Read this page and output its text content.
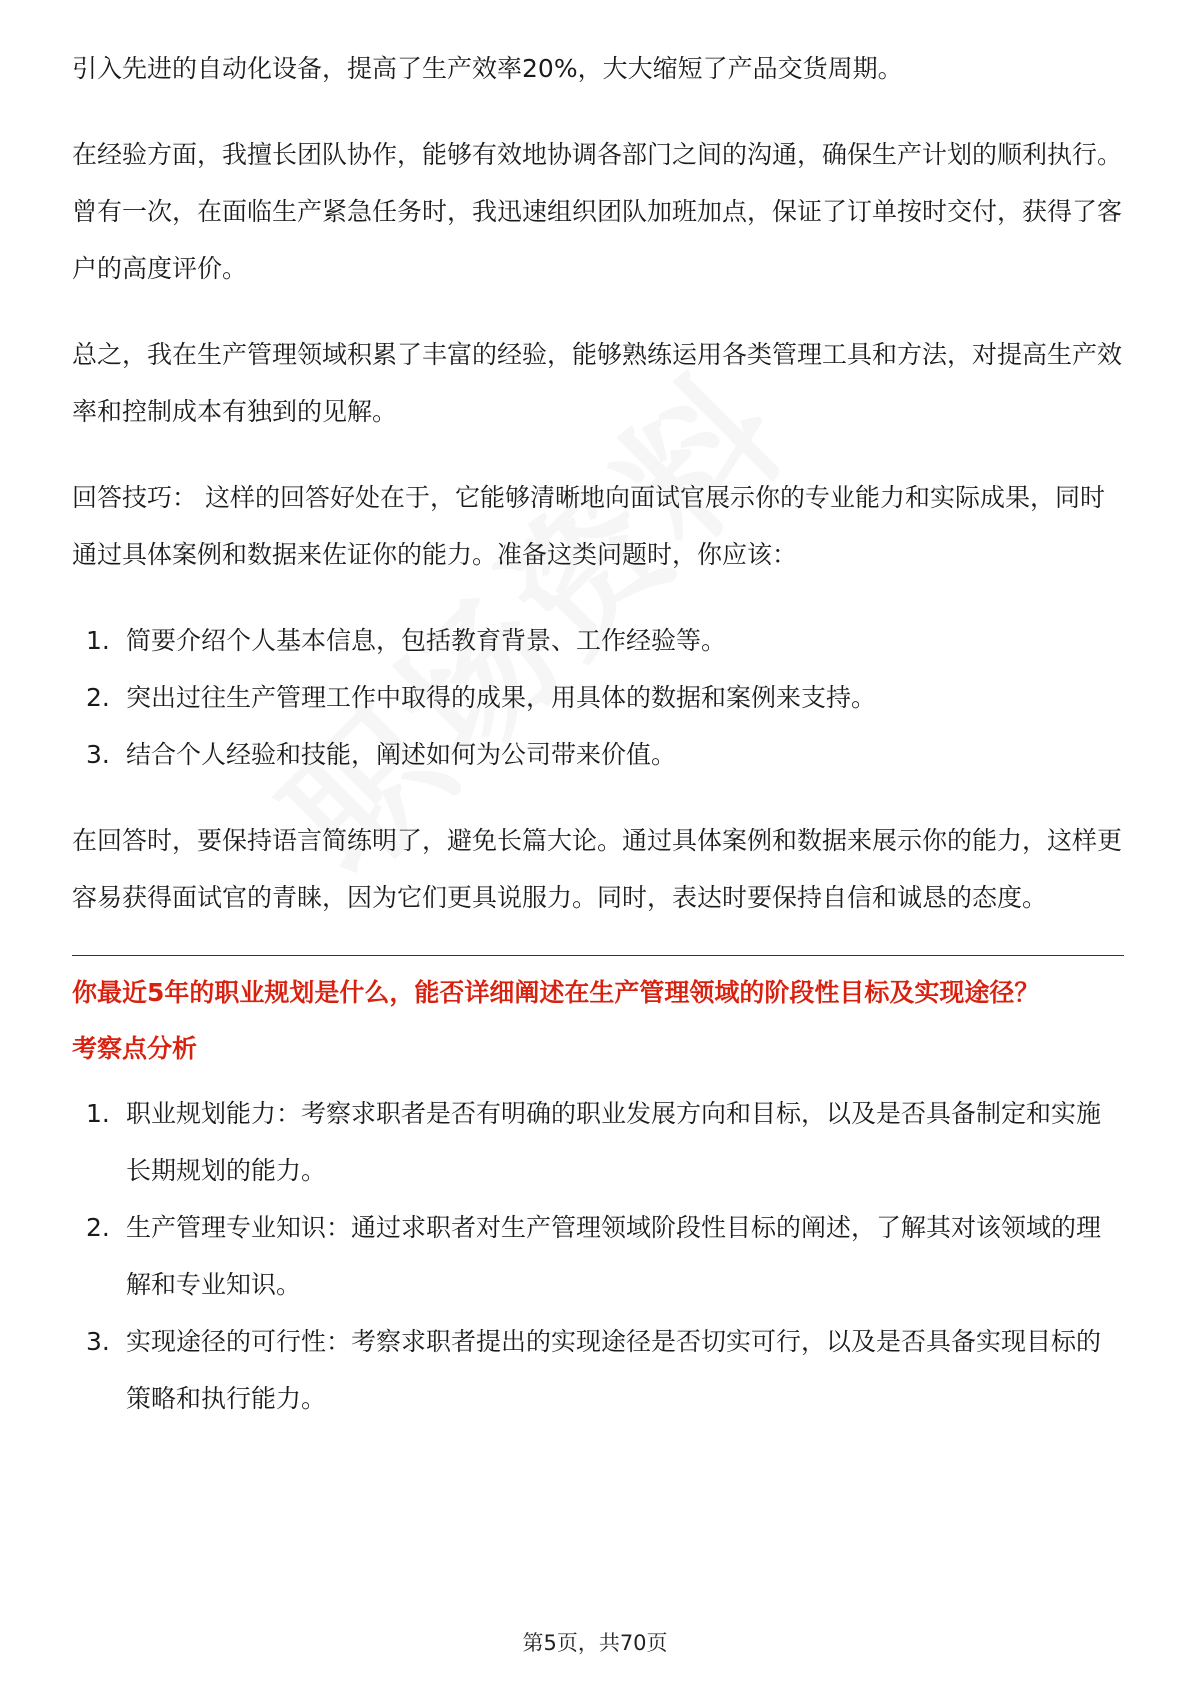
引入先进的自动化设备，提高了生产效率20%，大大缩短了产品交货周期。

在经验方面，我擅长团队协作，能够有效地协调各部门之间的沟通，确保生产计划的顺利执行。曾有一次，在面临生产紧急任务时，我迅速组织团队加班加点，保证了订单按时交付，获得了客户的高度评价。

总之，我在生产管理领域积累了丰富的经验，能够熟练运用各类管理工具和方法，对提高生产效率和控制成本有独到的见解。

回答技巧： 这样的回答好处在于，它能够清晰地向面试官展示你的专业能力和实际成果，同时通过具体案例和数据来佐证你的能力。准备这类问题时，你应该：

1. 简要介绍个人基本信息，包括教育背景、工作经验等。
2. 突出过往生产管理工作中取得的成果，用具体的数据和案例来支持。
3. 结合个人经验和技能，阐述如何为公司带来价值。

在回答时，要保持语言简练明了，避免长篇大论。通过具体案例和数据来展示你的能力，这样更容易获得面试官的青睐，因为它们更具说服力。同时，表达时要保持自信和诚恳的态度。

你最近5年的职业规划是什么，能否详细阐述在生产管理领域的阶段性目标及实现途径？
考察点分析
1. 职业规划能力：考察求职者是否有明确的职业发展方向和目标，以及是否具备制定和实施长期规划的能力。
2. 生产管理专业知识：通过求职者对生产管理领域阶段性目标的阐述，了解其对该领域的理解和专业知识。
3. 实现途径的可行性：考察求职者提出的实现途径是否切实可行，以及是否具备实现目标的策略和执行能力。
第5页，共70页
